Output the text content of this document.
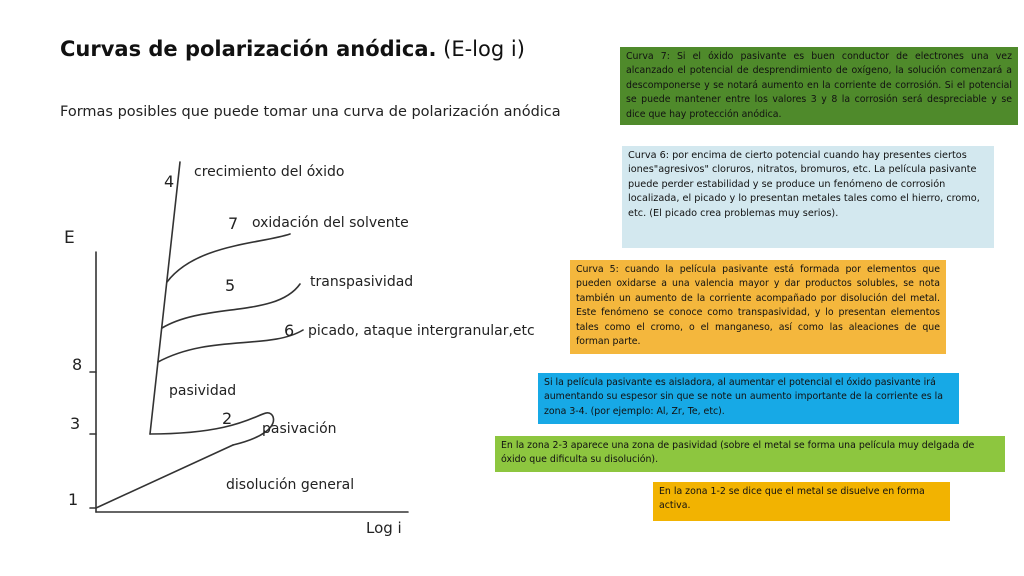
Curvas de polarización anódica. (E-log i)
Formas posibles que puede tomar una curva de polarización anódica
E
Log i
8
3
1
4
7
5
6
2
crecimiento del óxido
oxidación del solvente
transpasividad
picado, ataque intergranular,etc
pasividad
pasivación
disolución general

Curva 7: Si el óxido pasivante es buen conductor de electrones una vez alcanzado el potencial de desprendimiento de oxígeno, la solución comenzará a descomponerse y se notará aumento en la corriente de corrosión. Si el potencial se puede mantener entre los valores 3 y 8 la corrosión será despreciable y se dice que hay protección anódica.

Curva 6: por encima de cierto potencial cuando hay presentes ciertos iones"agresivos" cloruros, nitratos, bromuros, etc. La película pasivante puede perder estabilidad y se produce un fenómeno de corrosión localizada, el picado y lo presentan metales tales como el hierro, cromo, etc. (El picado crea problemas muy serios).

Curva 5: cuando la película pasivante está formada por elementos que pueden oxidarse a una valencia mayor y dar productos solubles, se nota también un aumento de la corriente acompañado por disolución del metal. Este fenómeno se conoce como transpasividad, y lo presentan elementos tales como el cromo, o el manganeso, así como las aleaciones de que forman parte.

Si la película pasivante es aisladora, al aumentar el potencial el óxido pasivante irá aumentando su espesor sin que se note un aumento importante de la corriente es la zona 3-4. (por ejemplo: Al, Zr, Te, etc).

En la zona 2-3 aparece una zona de pasividad (sobre el metal se forma una película muy delgada de óxido que dificulta su disolución).

En la zona 1-2 se dice que el metal se disuelve en forma activa.
